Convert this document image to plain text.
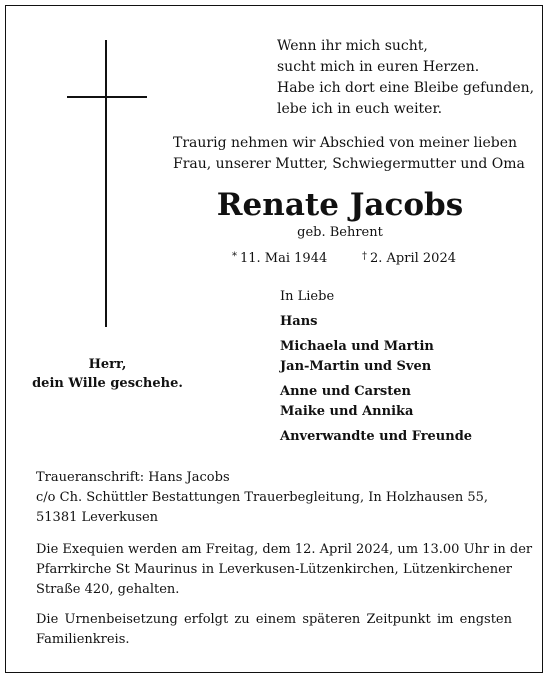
Wenn ihr mich sucht,
sucht mich in euren Herzen.
Habe ich dort eine Bleibe gefunden,
lebe ich in euch weiter.
Traurig nehmen wir Abschied von meiner lieben
Frau, unserer Mutter, Schwiegermutter und Oma
Renate Jacobs
geb. Behrent
* 11. Mai 1944	† 2. April 2024
Herr,
dein Wille geschehe.
In Liebe
Hans
Michaela und Martin
Jan-Martin und Sven
Anne und Carsten
Maike und Annika
Anverwandte und Freunde
Traueranschrift: Hans Jacobs
c/o Ch. Schüttler Bestattungen Trauerbegleitung, In Holzhausen 55,
51381 Leverkusen
Die Exequien werden am Freitag, dem 12. April 2024, um 13.00 Uhr in der
Pfarrkirche St Maurinus in Leverkusen-Lützenkirchen, Lützenkirchener
Straße 420, gehalten.
Die Urnenbeisetzung erfolgt zu einem späteren Zeitpunkt im engsten
Familienkreis.
